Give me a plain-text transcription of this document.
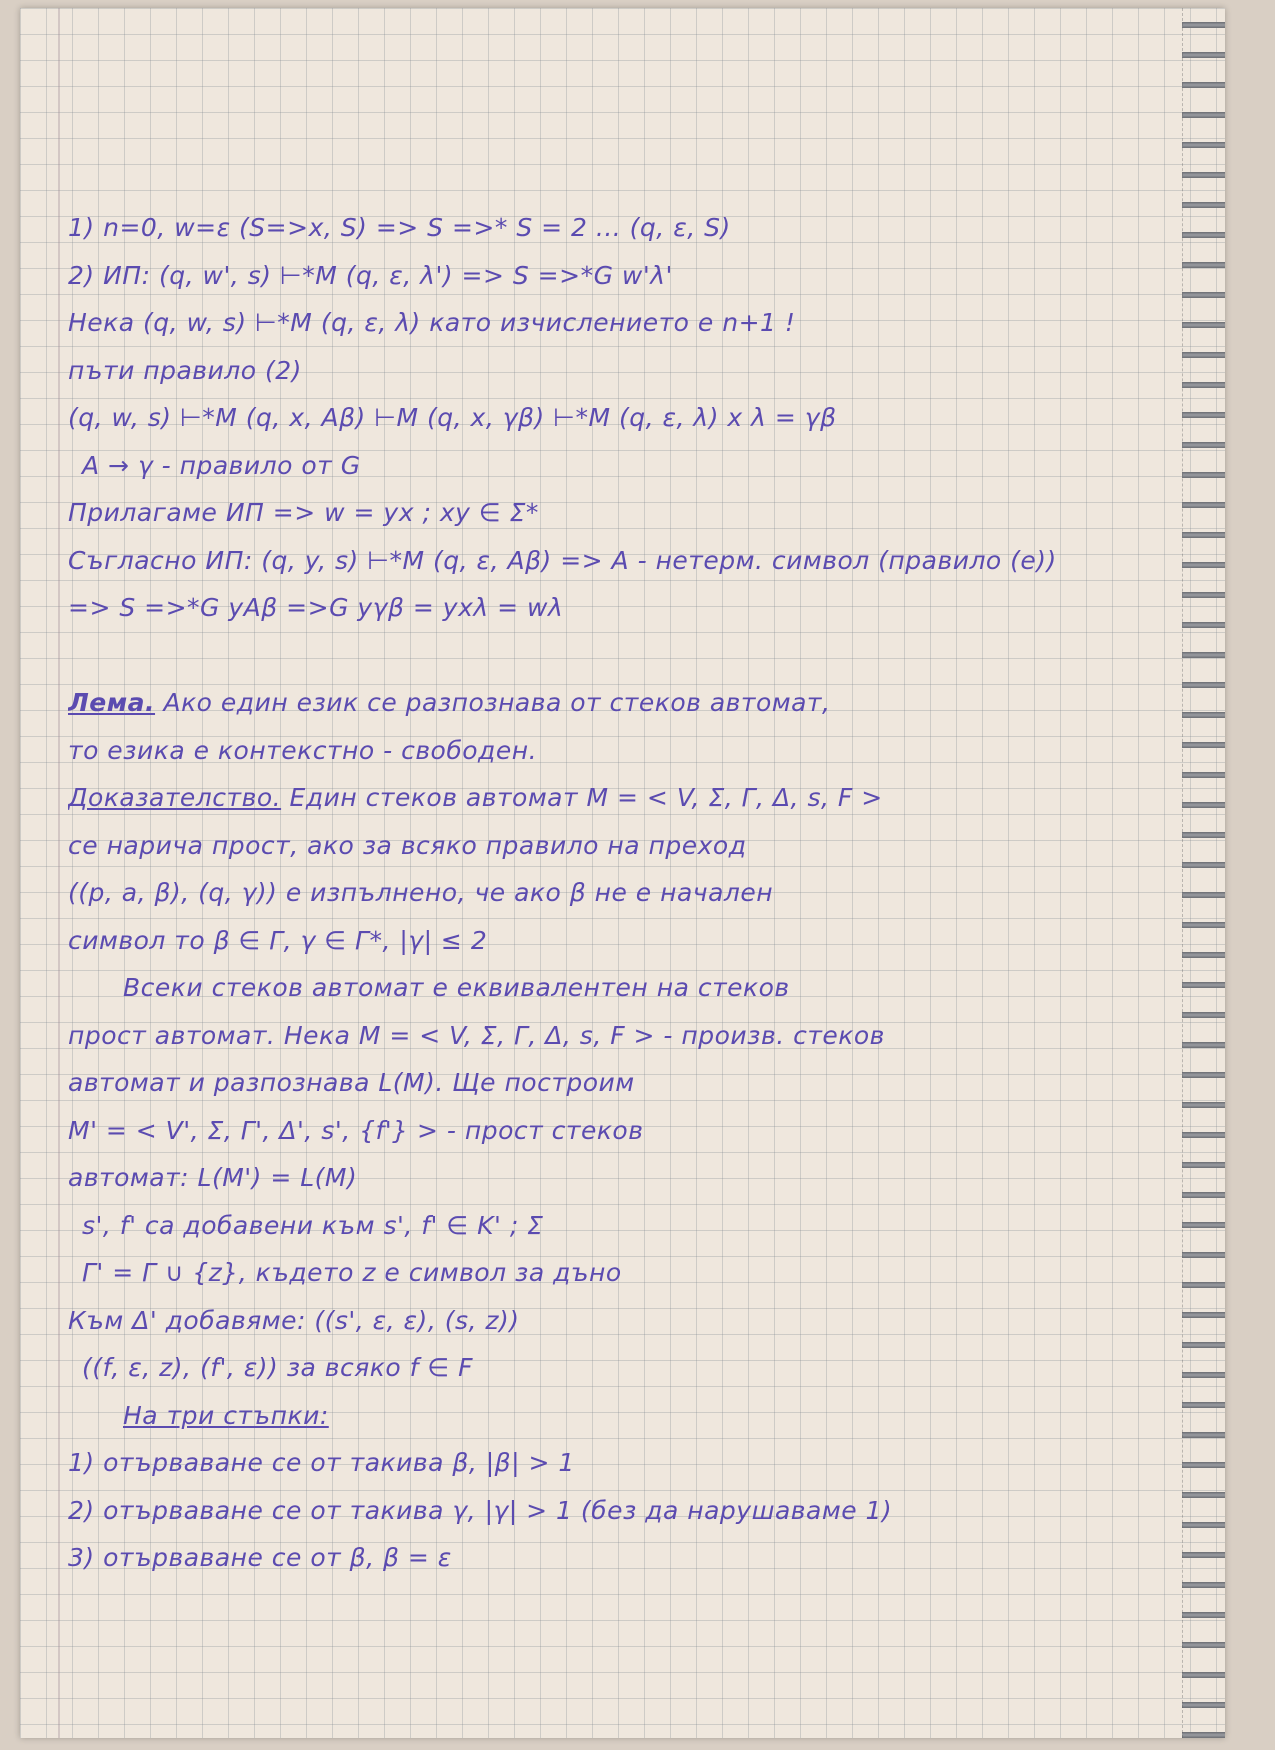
1) n=0, w=ε (S=>x, S) => S =>* S = 2 ... (q, ε, S)
2) ИП: (q, w', s) ⊢*M (q, ε, λ') => S =>*G w'λ'
Нека (q, w, s) ⊢*M (q, ε, λ) като изчислението е n+1 !
пъти правило (2)
(q, w, s) ⊢*M (q, x, Aβ) ⊢M (q, x, γβ) ⊢*M (q, ε, λ) x λ = γβ
A → γ - правило от G
Прилагаме ИП => w = yx ; xy ∈ Σ*
Съгласно ИП: (q, y, s) ⊢*M (q, ε, Aβ) => A - нетерм. символ (правило (e))
=> S =>*G yAβ =>G yγβ = yxλ = wλ
Лема. Ако един език се разпознава от стеков автомат,
то езика е контекстно - свободен.
Доказателство. Един стеков автомат M = < V, Σ, Γ, Δ, s, F >
се нарича прост, ако за всяко правило на преход
((p, a, β), (q, γ)) е изпълнено, че ако β не е начален
символ то β ∈ Γ, γ ∈ Γ*, |γ| ≤ 2
Всеки стеков автомат е еквивалентен на стеков
прост автомат. Нека M = < V, Σ, Γ, Δ, s, F > - произв. стеков
автомат и разпознава L(M). Ще построим
M' = < V', Σ, Γ', Δ', s', {f'} > - прост стеков
автомат: L(M') = L(M)
s', f' са добавени към s', f' ∈ K' ; Σ
Γ' = Γ ∪ {z}, където z е символ за дъно
Към Δ' добавяме: ((s', ε, ε), (s, z))
((f, ε, z), (f', ε)) за всяко f ∈ F
На три стъпки:
1) отърваване се от такива β, |β| > 1
2) отърваване се от такива γ, |γ| > 1 (без да нарушаваме 1)
3) отърваване се от β, β = ε
